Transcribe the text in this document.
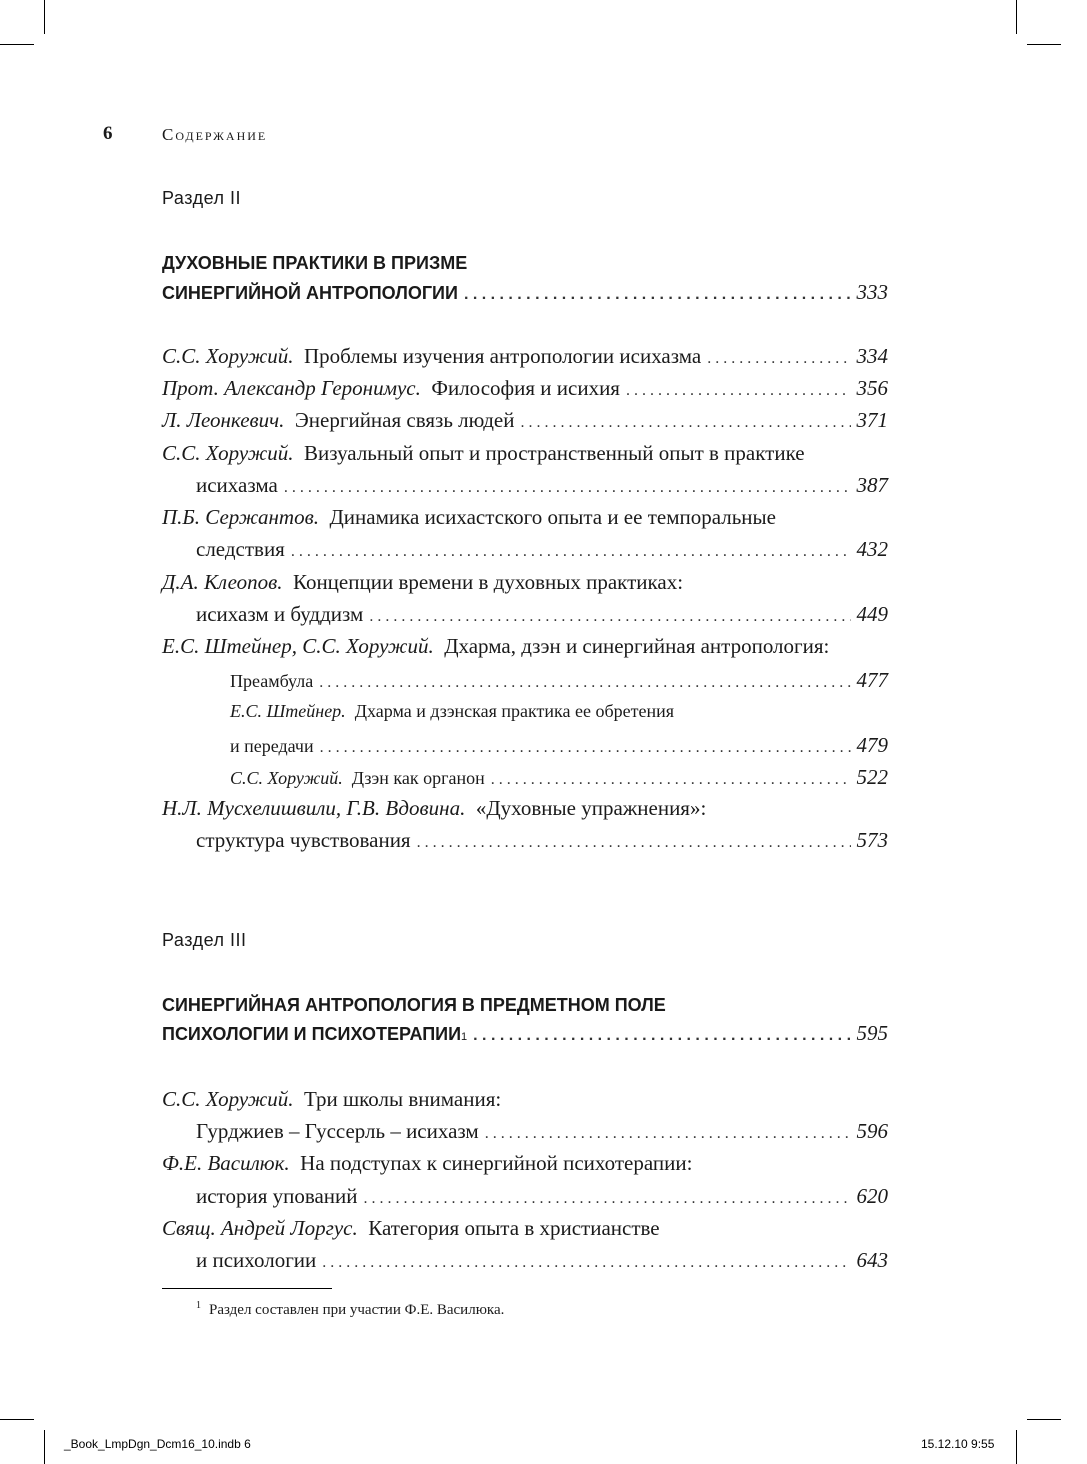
6	Содержание
Раздел II
ДУХОВНЫЕ ПРАКТИКИ В ПРИЗМЕ
СИНЕРГИЙНОЙ АНТРОПОЛОГИИ . . .	333
С.С. Хоружий.
Проблемы изучения антропологии исихазма . . .	334
Прот. Александр Геронимус.
Философия и исихия . . .	356
Л. Леонкевич.
Энергийная связь людей . . .	371
С.С. Хоружий.
Визуальный опыт и пространственный опыт в практике
исихазма . . .	387
П.Б. Сержантов.
Динамика исихастского опыта и ее темпоральные
следствия . . .	432
Д.А. Клеопов.
Концепции времени в духовных практиках:
исихазм и буддизм . . .	449
Е.С. Штейнер, С.С. Хоружий.
Дхарма, дзэн и синергийная антропология:
Преамбула . . .	477
Е.С. Штейнер.
Дхарма и дзэнская практика ее обретения
и передачи . . .	479
С.С. Хоружий.
Дзэн как органон . . .	522
Н.Л. Мусхелишвили, Г.В. Вдовина.
«Духовные упражнения»:
структура чувствования . . .	573
Раздел III
СИНЕРГИЙНАЯ АНТРОПОЛОГИЯ В ПРЕДМЕТНОМ ПОЛЕ
ПСИХОЛОГИИ И ПСИХОТЕРАПИИ 1 . . .	595
С.С. Хоружий.
Три школы внимания:
Гурджиев – Гуссерль – исихазм . . .	596
Ф.Е. Василюк.
На подступах к синергийной психотерапии:
история упований . . .	620
Свящ. Андрей Лоргус.
Категория опыта в христианстве
и психологии . . .	643
$^1$ Раздел составлен при участии Ф.Е. Василюка.
_Book_LmpDgn_Dcm16_10.indb 6	15.12.10 9:55
